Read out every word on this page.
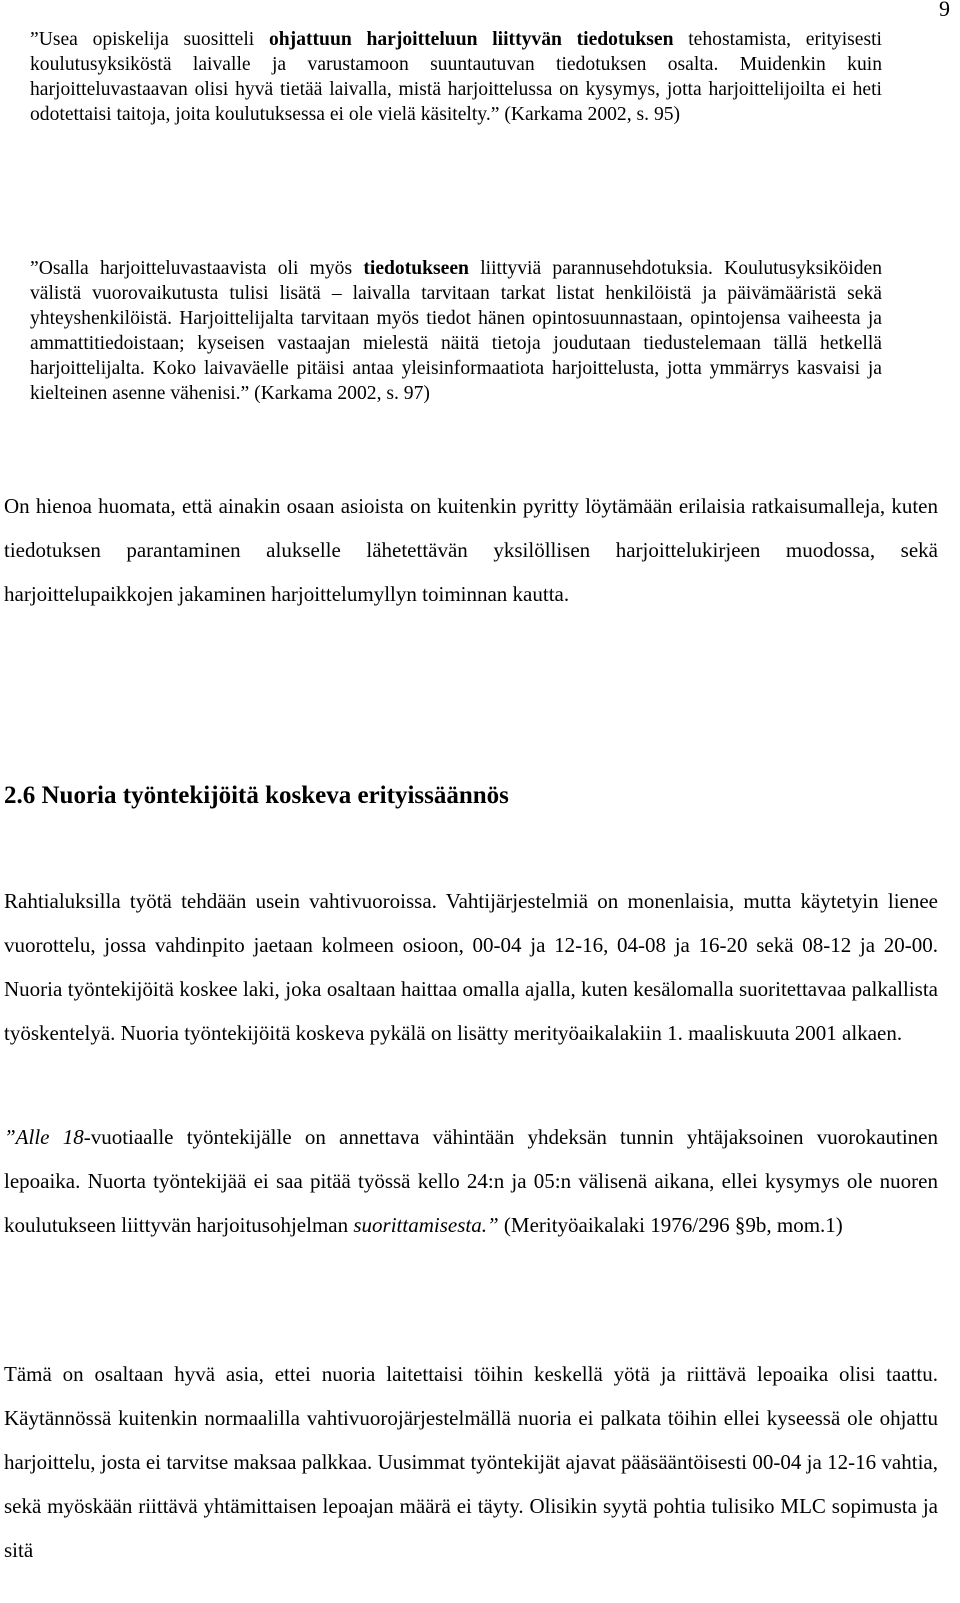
9
”Usea opiskelija suositteli ohjattuun harjoitteluun liittyvän tiedotuksen tehostamista, erityisesti koulutusyksiköstä laivalle ja varustamoon suuntautuvan tiedotuksen osalta. Muidenkin kuin harjoitteluvastaavan olisi hyvä tietää laivalla, mistä harjoittelussa on kysymys, jotta harjoittelijoilta ei heti odotettaisi taitoja, joita koulutuksessa ei ole vielä käsitelty.” (Karkama 2002, s. 95)
”Osalla harjoitteluvastaavista oli myös tiedotukseen liittyviä parannusehdotuksia. Koulutusyksiköiden välistä vuorovaikutusta tulisi lisätä – laivalla tarvitaan tarkat listat henkilöistä ja päivämääristä sekä yhteyshenkilöistä. Harjoittelijalta tarvitaan myös tiedot hänen opintosuunnastaan, opintojensa vaiheesta ja ammattitiedoistaan; kyseisen vastaajan mielestä näitä tietoja joudutaan tiedustelemaan tällä hetkellä harjoittelijalta. Koko laivaväelle pitäisi antaa yleisinformaatiota harjoittelusta, jotta ymmärrys kasvaisi ja kielteinen asenne vähenisi.” (Karkama 2002, s. 97)
On hienoa huomata, että ainakin osaan asioista on kuitenkin pyritty löytämään erilaisia ratkaisumalleja, kuten tiedotuksen parantaminen alukselle lähetettävän yksilöllisen harjoittelukirjeen muodossa, sekä harjoittelupaikkojen jakaminen harjoittelumyllyn toiminnan kautta.
2.6 Nuoria työntekijöitä koskeva erityissäännös
Rahtialuksilla työtä tehdään usein vahtivuoroissa. Vahtijärjestelmiä on monenlaisia, mutta käytetyin lienee vuorottelu, jossa vahdinpito jaetaan kolmeen osioon, 00-04 ja 12-16, 04-08 ja 16-20 sekä 08-12 ja 20-00. Nuoria työntekijöitä koskee laki, joka osaltaan haittaa omalla ajalla, kuten kesälomalla suoritettavaa palkallista työskentelyä. Nuoria työntekijöitä koskeva pykälä on lisätty merityöaikalakiin 1. maaliskuuta 2001 alkaen.
”Alle 18-vuotiaalle työntekijälle on annettava vähintään yhdeksän tunnin yhtäjaksoinen vuorokautinen lepoaika. Nuorta työntekijää ei saa pitää työssä kello 24:n ja 05:n välisenä aikana, ellei kysymys ole nuoren koulutukseen liittyvän harjoitusohjelman suorittamisesta.” (Merityöaikalaki 1976/296 §9b, mom.1)
Tämä on osaltaan hyvä asia, ettei nuoria laitettaisi töihin keskellä yötä ja riittävä lepoaika olisi taattu. Käytännössä kuitenkin normaalilla vahtivuorojärjestelmällä nuoria ei palkata töihin ellei kyseessä ole ohjattu harjoittelu, josta ei tarvitse maksaa palkkaa. Uusimmat työntekijät ajavat pääsääntöisesti 00-04 ja 12-16 vahtia, sekä myöskään riittävä yhtämittaisen lepoajan määrä ei täyty. Olisikin syytä pohtia tulisiko MLC sopimusta ja sitä
